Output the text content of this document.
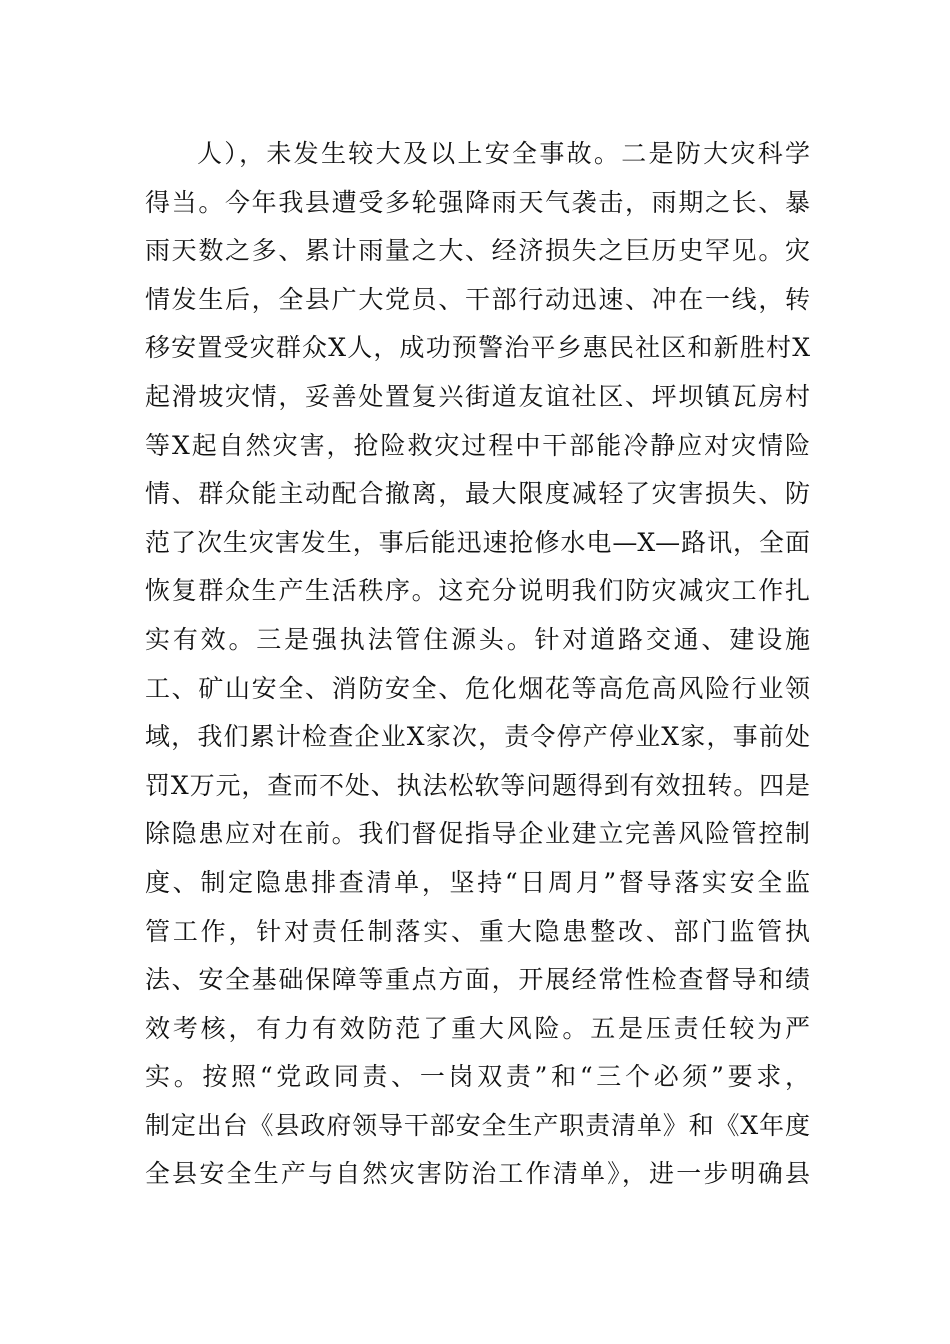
人），未发生较大及以上安全事故。二是防大灾科学
得当。今年我县遭受多轮强降雨天气袭击，雨期之长、暴
雨天数之多、累计雨量之大、经济损失之巨历史罕见。灾
情发生后，全县广大党员、干部行动迅速、冲在一线，转
移安置受灾群众X人，成功预警治平乡惠民社区和新胜村X
起滑坡灾情，妥善处置复兴街道友谊社区、坪坝镇瓦房村
等X起自然灾害，抢险救灾过程中干部能冷静应对灾情险
情、群众能主动配合撤离，最大限度减轻了灾害损失、防
范了次生灾害发生，事后能迅速抢修水电—X—路讯，全面
恢复群众生产生活秩序。这充分说明我们防灾减灾工作扎
实有效。三是强执法管住源头。针对道路交通、建设施
工、矿山安全、消防安全、危化烟花等高危高风险行业领
域，我们累计检查企业X家次，责令停产停业X家，事前处
罚X万元，查而不处、执法松软等问题得到有效扭转。四是
除隐患应对在前。我们督促指导企业建立完善风险管控制
度、制定隐患排查清单，坚持“日周月”督导落实安全监
管工作，针对责任制落实、重大隐患整改、部门监管执
法、安全基础保障等重点方面，开展经常性检查督导和绩
效考核，有力有效防范了重大风险。五是压责任较为严
实。按照“党政同责、一岗双责”和“三个必须”要求，
制定出台《县政府领导干部安全生产职责清单》和《X年度
全县安全生产与自然灾害防治工作清单》，进一步明确县
